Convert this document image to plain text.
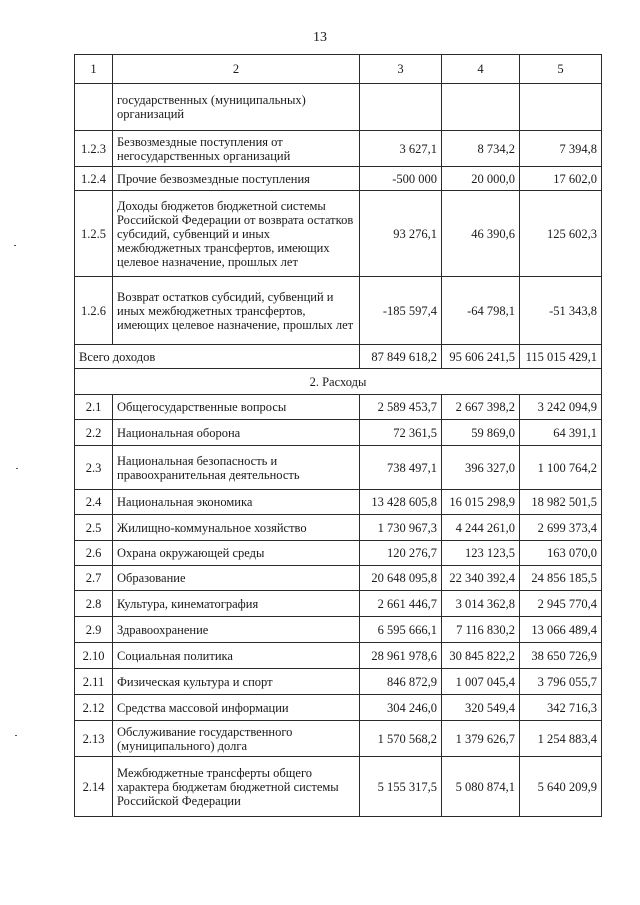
13
1	2	3	4	5
	государственных (муниципальных) организаций			
1.2.3	Безвозмездные поступления от негосударственных организаций	3 627,1	8 734,2	7 394,8
1.2.4	Прочие безвозмездные поступления	-500 000	20 000,0	17 602,0
1.2.5	Доходы бюджетов бюджетной системы Российской Федерации от возврата остатков субсидий, субвенций и иных межбюджетных трансфертов, имеющих целевое назначение, прошлых лет	93 276,1	46 390,6	125 602,3
1.2.6	Возврат остатков субсидий, субвенций и иных межбюджетных трансфертов, имеющих целевое назначение, прошлых лет	-185 597,4	-64 798,1	-51 343,8
Всего доходов		87 849 618,2	95 606 241,5	115 015 429,1
2. Расходы				
2.1	Общегосударственные вопросы	2 589 453,7	2 667 398,2	3 242 094,9
2.2	Национальная оборона	72 361,5	59 869,0	64 391,1
2.3	Национальная безопасность и правоохранительная деятельность	738 497,1	396 327,0	1 100 764,2
2.4	Национальная экономика	13 428 605,8	16 015 298,9	18 982 501,5
2.5	Жилищно-коммунальное хозяйство	1 730 967,3	4 244 261,0	2 699 373,4
2.6	Охрана окружающей среды	120 276,7	123 123,5	163 070,0
2.7	Образование	20 648 095,8	22 340 392,4	24 856 185,5
2.8	Культура, кинематография	2 661 446,7	3 014 362,8	2 945 770,4
2.9	Здравоохранение	6 595 666,1	7 116 830,2	13 066 489,4
2.10	Социальная политика	28 961 978,6	30 845 822,2	38 650 726,9
2.11	Физическая культура и спорт	846 872,9	1 007 045,4	3 796 055,7
2.12	Средства массовой информации	304 246,0	320 549,4	342 716,3
2.13	Обслуживание государственного (муниципального) долга	1 570 568,2	1 379 626,7	1 254 883,4
2.14	Межбюджетные трансферты общего характера бюджетам бюджетной системы Российской Федерации	5 155 317,5	5 080 874,1	5 640 209,9
